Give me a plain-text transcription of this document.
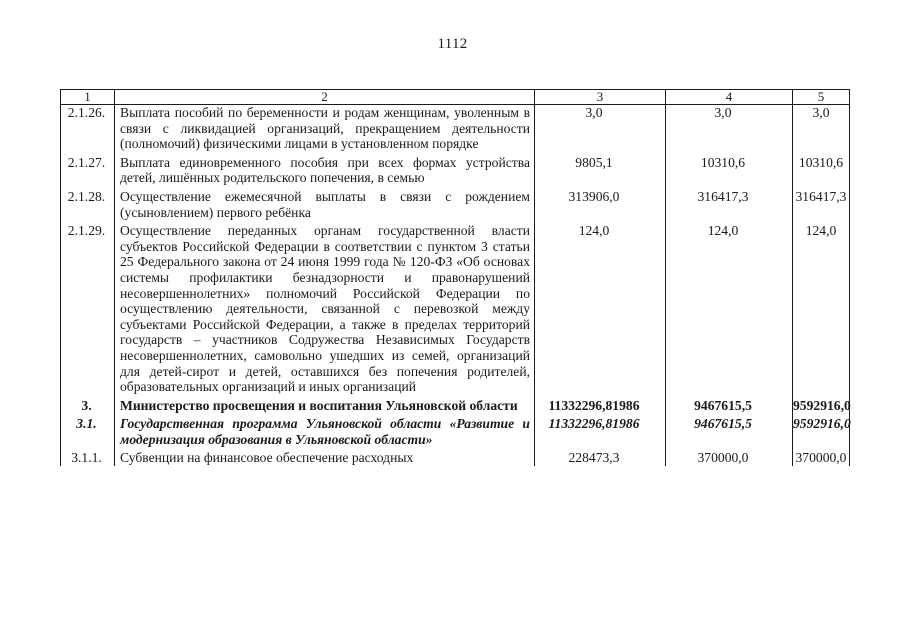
1112
1	2	3	4	5
2.1.26.	Выплата пособий по беременности и родам женщинам, уволенным в связи с ликвидацией организаций, прекращением деятельности (полномочий) физическими лицами в установленном порядке	3,0	3,0	3,0

2.1.27.	Выплата единовременного пособия при всех формах устройства детей, лишённых родительского попечения, в семью	9805,1	10310,6	10310,6

2.1.28.	Осуществление ежемесячной выплаты в связи с рождением (усыновлением) первого ребёнка	313906,0	316417,3	316417,3

2.1.29.	Осуществление переданных органам государственной власти субъектов Российской Федерации в соответствии с пунктом 3 статьи 25 Федерального закона от 24 июня 1999 года № 120-ФЗ «Об основах системы профилактики безнадзорности и правонарушений несовершеннолетних» полномочий Российской Федерации по осуществлению деятельности, связанной с перевозкой между субъектами Российской Федерации, а также в пределах территорий государств – участников Содружества Независимых Государств несовершеннолетних, самовольно ушедших из семей, организаций для детей-сирот и детей, оставшихся без попечения родителей, образовательных организаций и иных организаций	124,0	124,0	124,0

3.	Министерство просвещения и воспитания Ульяновской области	11332296,81986	9467615,5	9592916,0

3.1.	Государственная программа Ульяновской области «Развитие и модернизация образования в Ульяновской области»	11332296,81986	9467615,5	9592916,0

3.1.1.	Субвенции на финансовое обеспечение расходных	228473,3	370000,0	370000,0
